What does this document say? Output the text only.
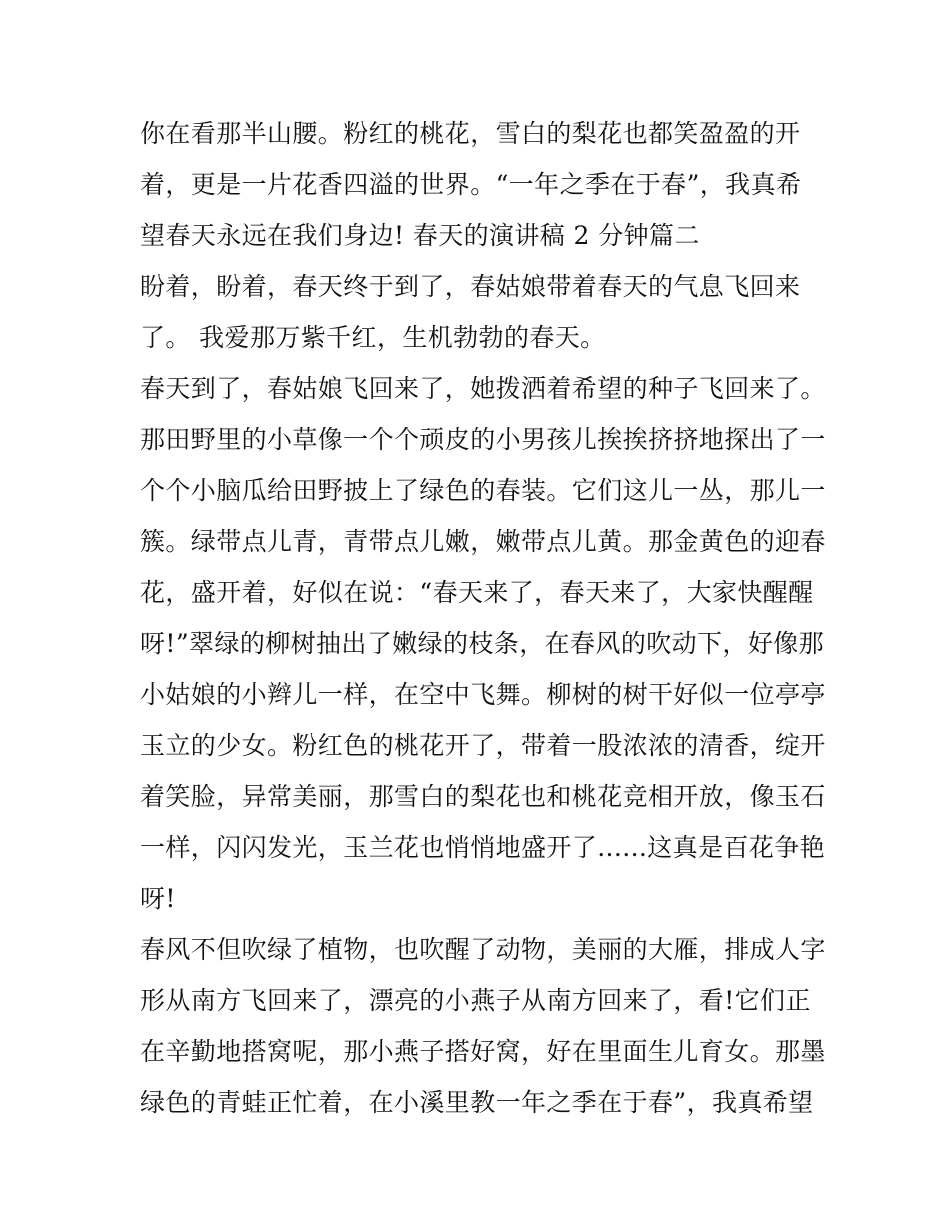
你在看那半山腰。粉红的桃花，雪白的梨花也都笑盈盈的开
着，更是一片花香四溢的世界。“一年之季在于春”，我真希
望春天永远在我们身边! 春天的演讲稿 2 分钟篇二
盼着，盼着，春天终于到了，春姑娘带着春天的气息飞回来
了。 我爱那万紫千红，生机勃勃的春天。
春天到了，春姑娘飞回来了，她拨洒着希望的种子飞回来了。
那田野里的小草像一个个顽皮的小男孩儿挨挨挤挤地探出了一
个个小脑瓜给田野披上了绿色的春装。它们这儿一丛，那儿一
簇。绿带点儿青，青带点儿嫩，嫩带点儿黄。那金黄色的迎春
花，盛开着，好似在说：“春天来了，春天来了，大家快醒醒
呀!”翠绿的柳树抽出了嫩绿的枝条，在春风的吹动下，好像那
小姑娘的小辫儿一样，在空中飞舞。柳树的树干好似一位亭亭
玉立的少女。粉红色的桃花开了，带着一股浓浓的清香，绽开
着笑脸，异常美丽，那雪白的梨花也和桃花竞相开放，像玉石
一样，闪闪发光，玉兰花也悄悄地盛开了......这真是百花争艳
呀!
春风不但吹绿了植物，也吹醒了动物，美丽的大雁，排成人字
形从南方飞回来了，漂亮的小燕子从南方回来了，看!它们正
在辛勤地搭窝呢，那小燕子搭好窝，好在里面生儿育女。那墨
绿色的青蛙正忙着，在小溪里教一年之季在于春”，我真希望
